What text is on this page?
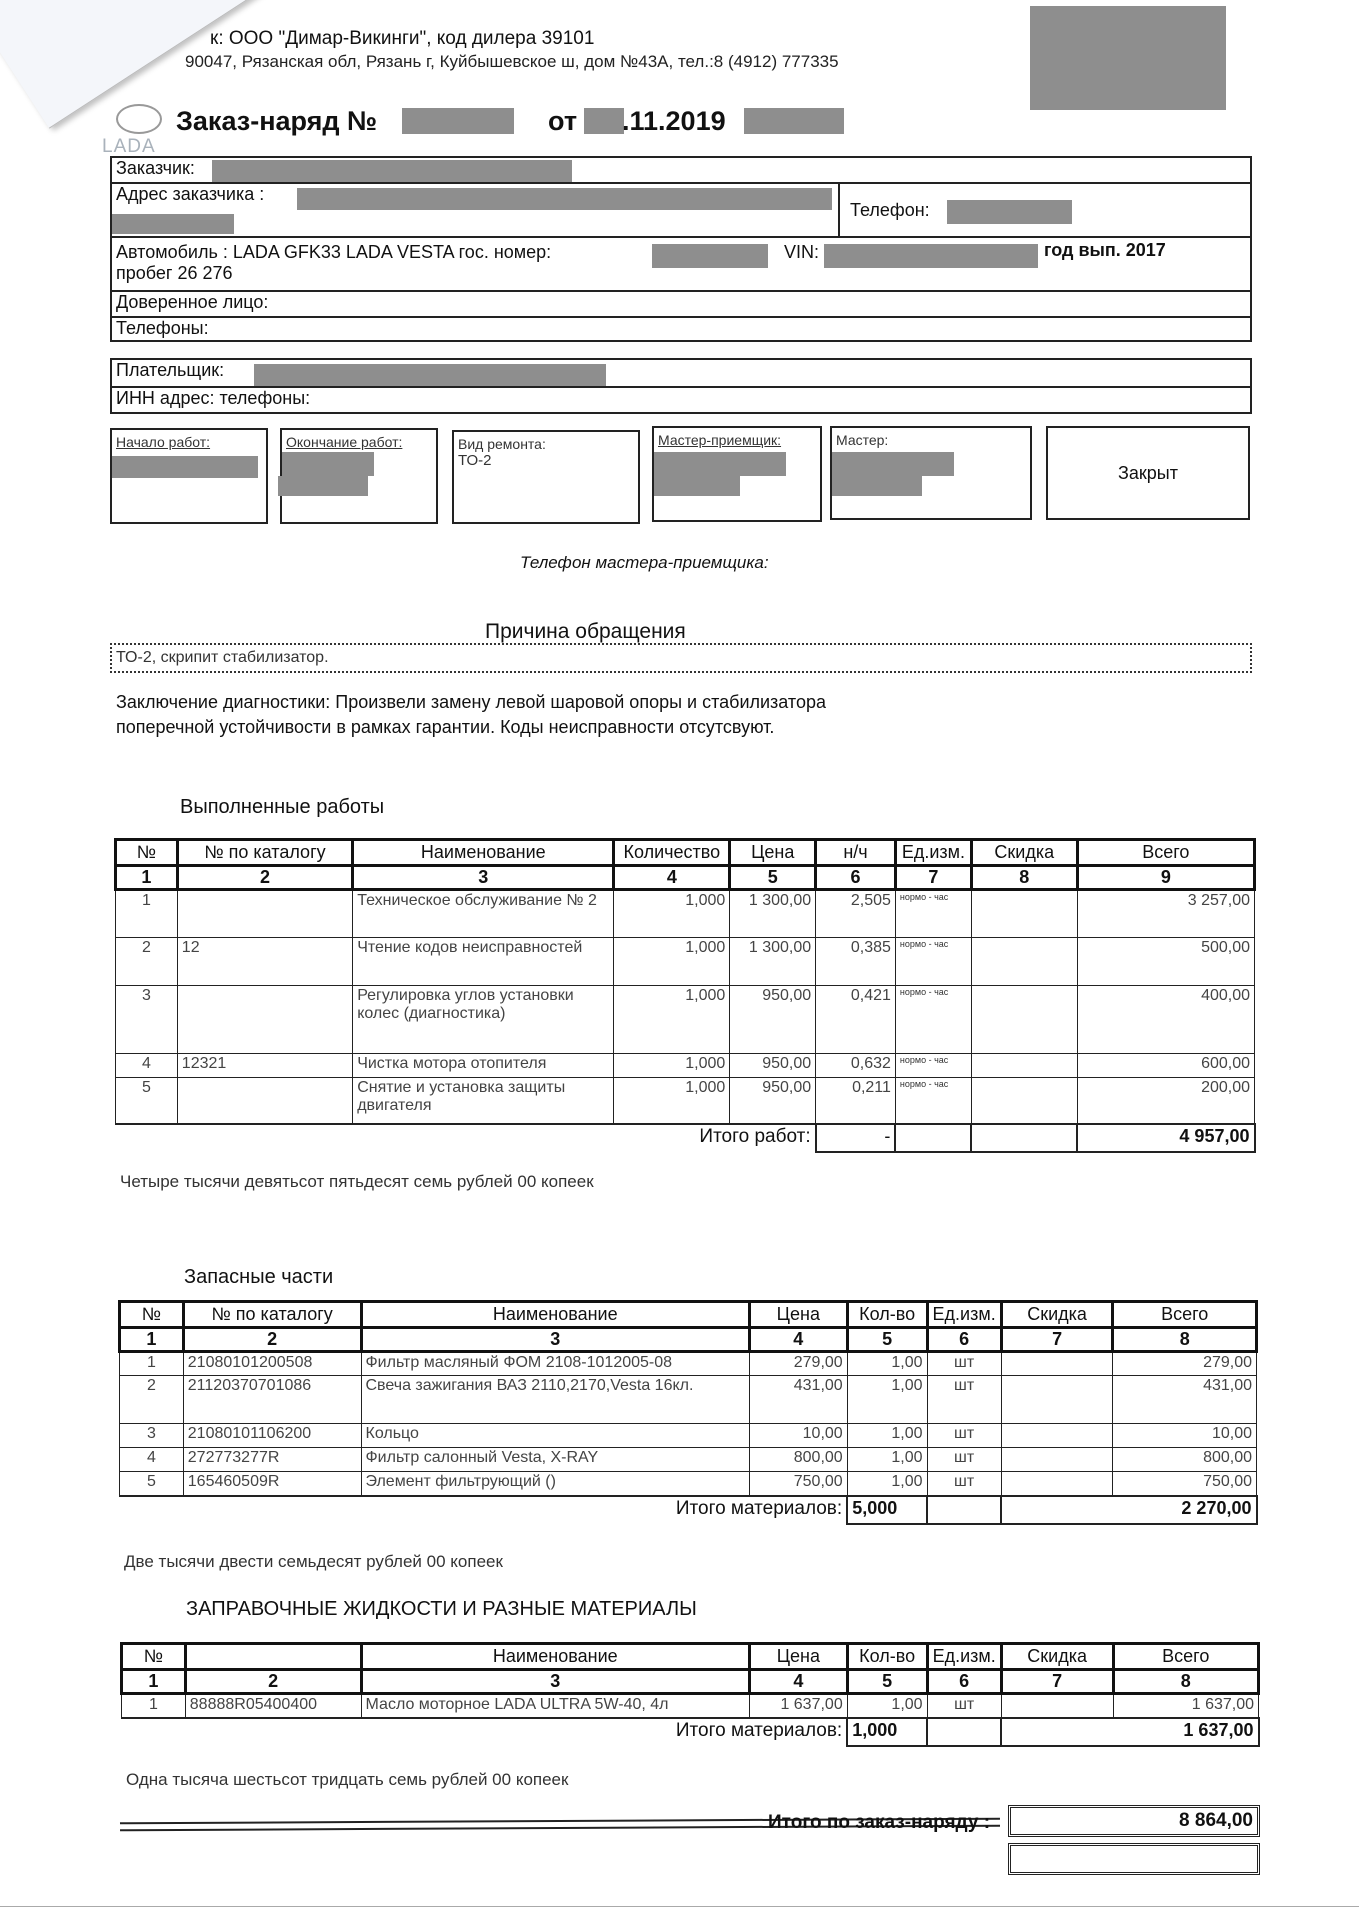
LADA
к: ООО "Димар-Викинги", код дилера 39101
90047, Рязанская обл, Рязань г, Куйбышевское ш, дом №43А, тел.:8 (4912) 777335
Заказ-наряд №	от .11.2019
Заказчик:
Адрес заказчика :
Телефон:
Автомобиль : LADA GFK33 LADA VESTA гос. номер:
пробег 26 276
VIN:	год вып. 2017
Доверенное лицо:
Телефоны:
Плательщик:
ИНН адрес: телефоны:
Начало работ:	Окончание работ:	Вид ремонта:
ТО-2
Мастер-приемщик:	Мастер:
Закрыт
Телефон мастера-приемщика:
Причина обращения
ТО-2, скрипит стабилизатор.
Заключение диагностики: Произвели замену левой шаровой опоры и стабилизатора
поперечной устойчивости в рамках гарантии. Коды неисправности отсутсвуют.
Выполненные работы
№	№ по каталогу	Наименование	Количество	Цена	н/ч	Ед.изм.	Скидка	Всего
1	2	3	4	5	6	7	8	9
1		Техническое обслуживание № 2	1,000	1 300,00	2,505	нормо - час		3 257,00
2	12	Чтение кодов неисправностей	1,000	1 300,00	0,385	нормо - час		500,00
3		Регулировка углов установки колес (диагностика)	1,000	950,00	0,421	нормо - час		400,00
4	12321	Чистка мотора отопителя	1,000	950,00	0,632	нормо - час		600,00
5		Снятие и установка защиты двигателя	1,000	950,00	0,211	нормо - час		200,00
Итого работ:					-			4 957,00
Четыре тысячи девятьсот пятьдесят семь рублей 00 копеек
Запасные части
№	№ по каталогу	Наименование	Цена	Кол-во	Ед.изм.	Скидка	Всего
1	2	3	4	5	6	7	8
1	21080101200508	Фильтр масляный ФОМ 2108-1012005-08	279,00	1,00	шт		279,00
2	21120370701086	Свеча зажигания ВАЗ 2110,2170,Vesta 16кл.	431,00	1,00	шт		431,00
3	21080101106200	Кольцо	10,00	1,00	шт		10,00
4	272773277R	Фильтр салонный Vesta, X-RAY	800,00	1,00	шт		800,00
5	165460509R	Элемент фильтрующий ()	750,00	1,00	шт		750,00
Итого материалов:				5,000		2 270,00	
Две тысячи двести семьдесят рублей 00 копеек
ЗАПРАВОЧНЫЕ ЖИДКОСТИ И РАЗНЫЕ МАТЕРИАЛЫ
№		Наименование	Цена	Кол-во	Ед.изм.	Скидка	Всего
1	2	3	4	5	6	7	8
1	88888R05400400	Масло моторное LADA ULTRA 5W-40, 4л	1 637,00	1,00	шт		1 637,00
Итого материалов:				1,000		1 637,00	
Одна тысяча шестьсот тридцать семь рублей 00 копеек
Итого по заказ-наряду :	8 864,00
